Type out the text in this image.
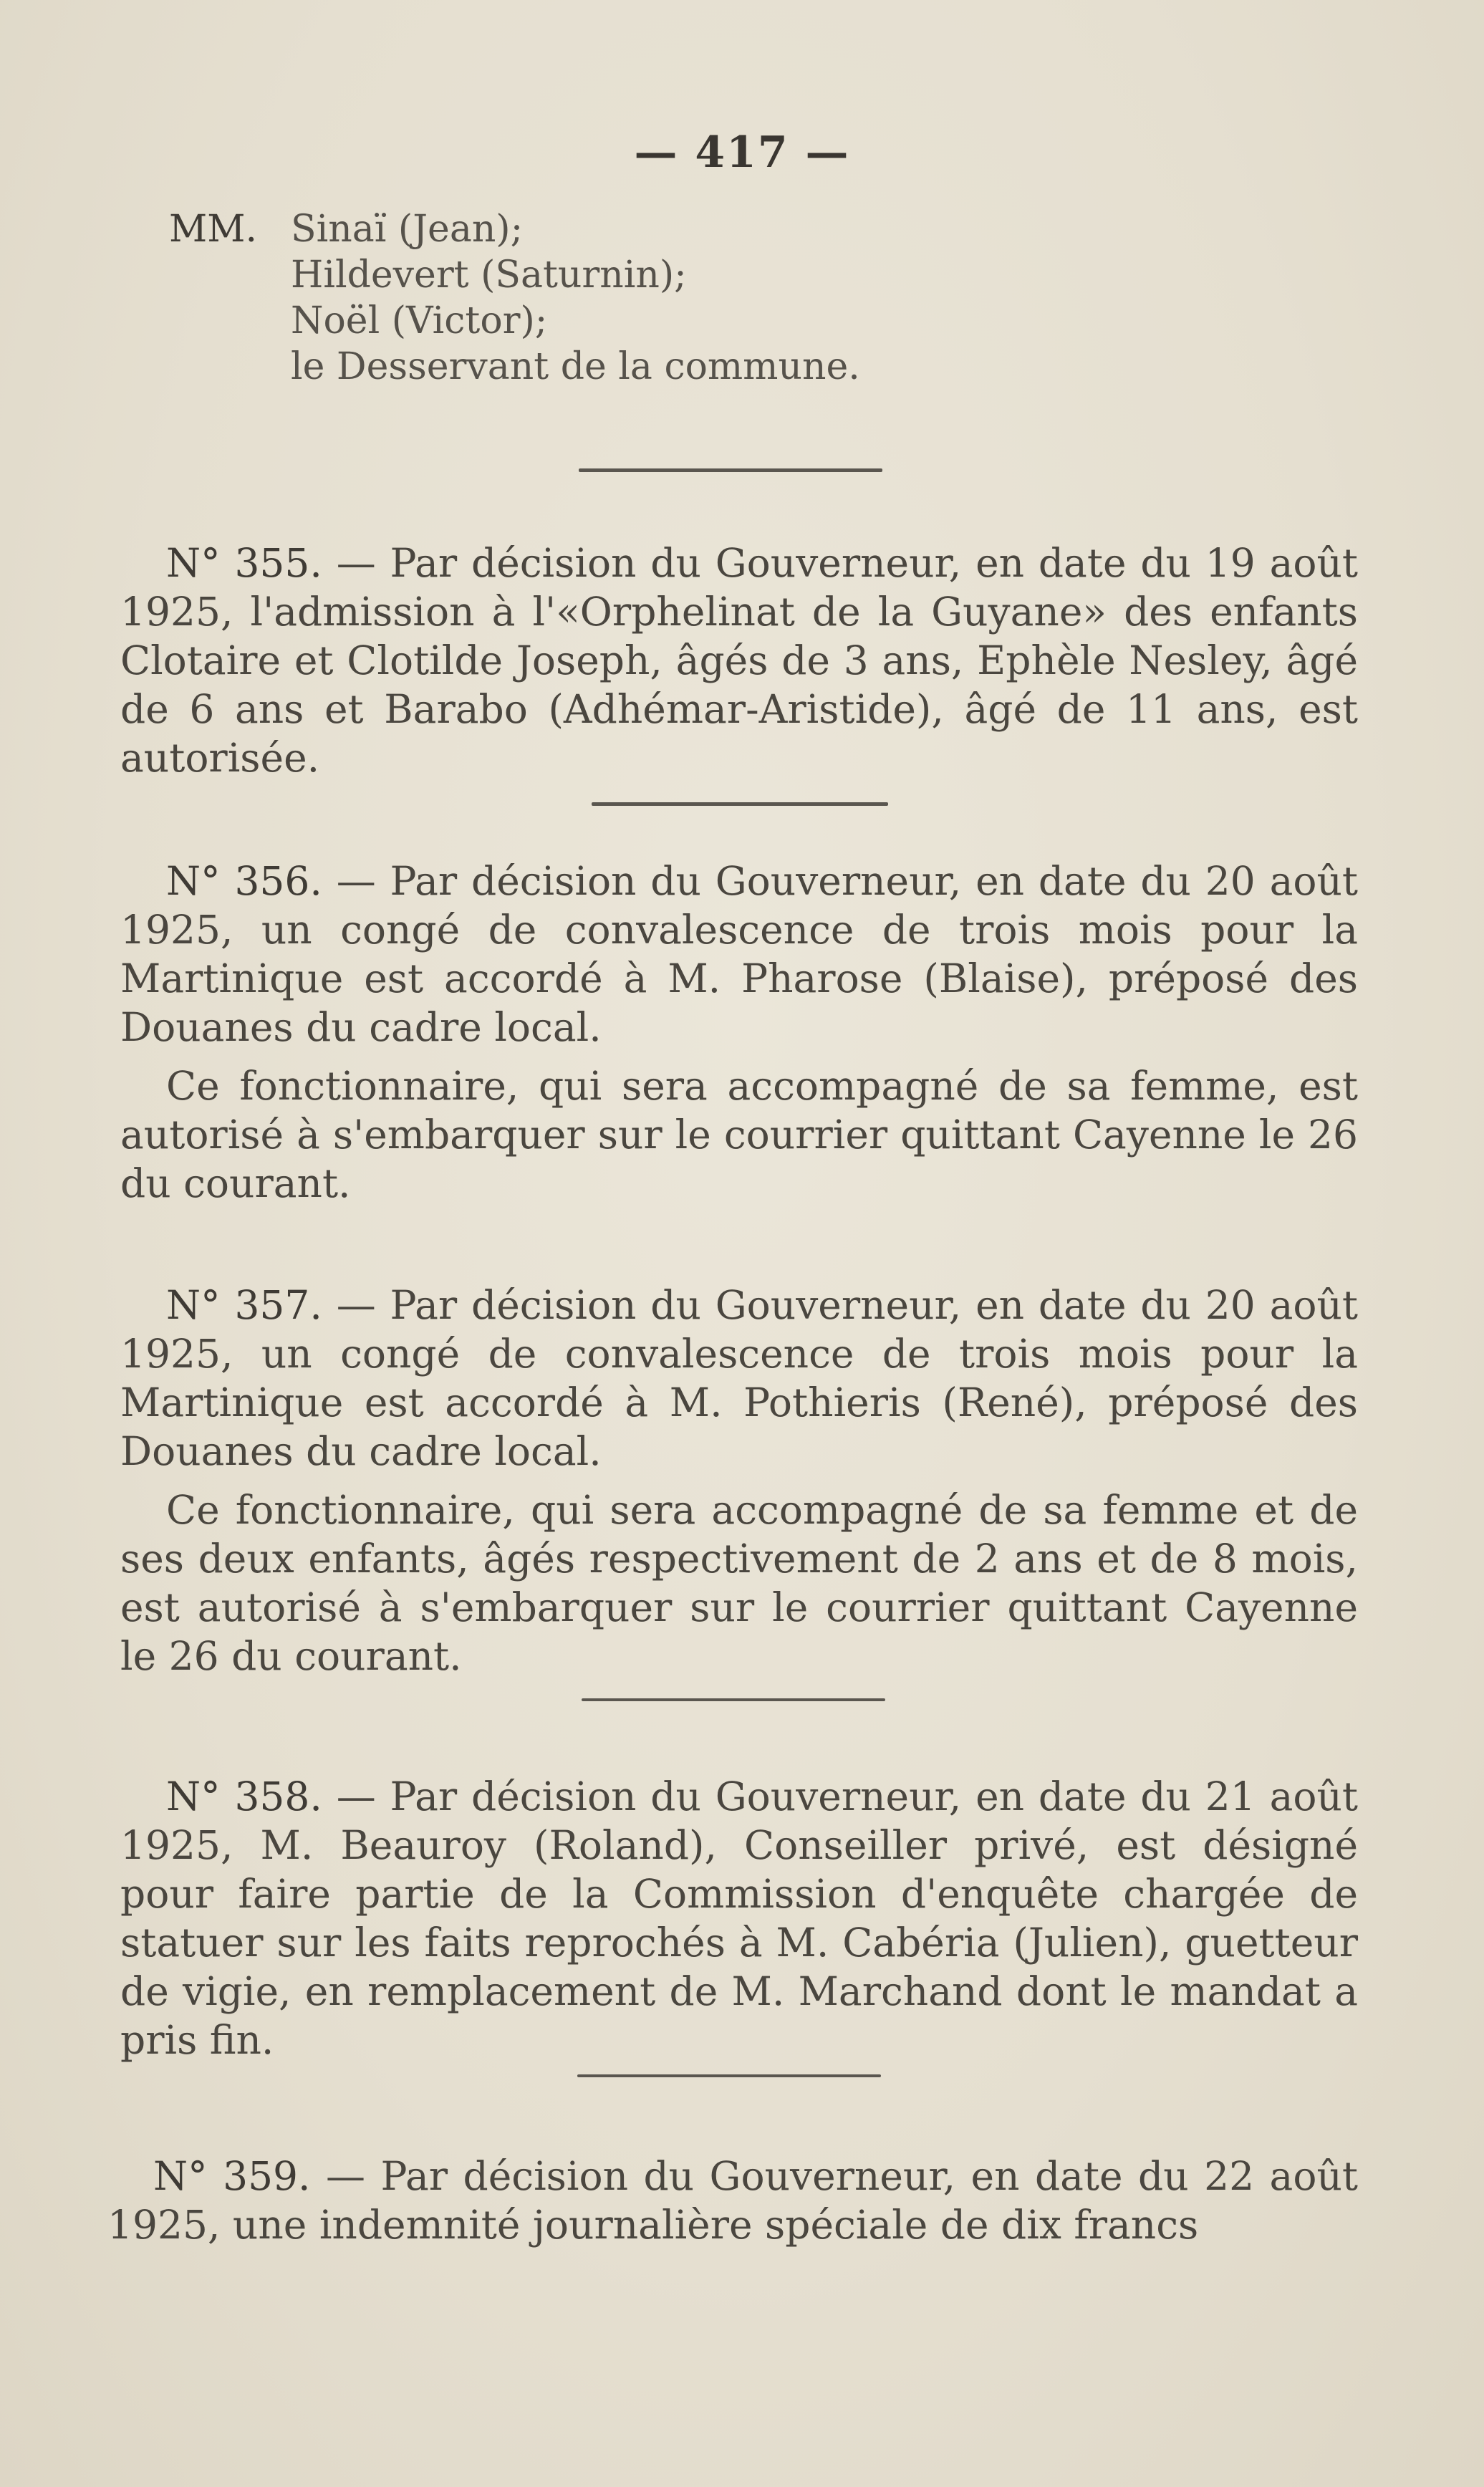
— 417 —
MM. Sinaï (Jean);
Hildevert (Saturnin);
Noël (Victor);
le Desservant de la commune.

N° 355. — Par décision du Gouverneur, en date du 19 août 1925, l'admission à l'«Orphelinat de la Guyane» des enfants Clotaire et Clotilde Joseph, âgés de 3 ans, Ephèle Nesley, âgé de 6 ans et Barabo (Adhémar-Aristide), âgé de 11 ans, est autorisée.

N° 356. — Par décision du Gouverneur, en date du 20 août 1925, un congé de convalescence de trois mois pour la Martinique est accordé à M. Pharose (Blaise), préposé des Douanes du cadre local.

Ce fonctionnaire, qui sera accompagné de sa femme, est autorisé à s'embarquer sur le courrier quittant Cayenne le 26 du courant.

N° 357. — Par décision du Gouverneur, en date du 20 août 1925, un congé de convalescence de trois mois pour la Martinique est accordé à M. Pothieris (René), préposé des Douanes du cadre local.

Ce fonctionnaire, qui sera accompagné de sa femme et de ses deux enfants, âgés respectivement de 2 ans et de 8 mois, est autorisé à s'embarquer sur le courrier quittant Cayenne le 26 du courant.

N° 358. — Par décision du Gouverneur, en date du 21 août 1925, M. Beauroy (Roland), Conseiller privé, est désigné pour faire partie de la Commission d'enquête chargée de statuer sur les faits reprochés à M. Cabéria (Julien), guetteur de vigie, en remplacement de M. Marchand dont le mandat a pris fin.

N° 359. — Par décision du Gouverneur, en date du 22 août 1925, une indemnité journalière spéciale de dix francs
